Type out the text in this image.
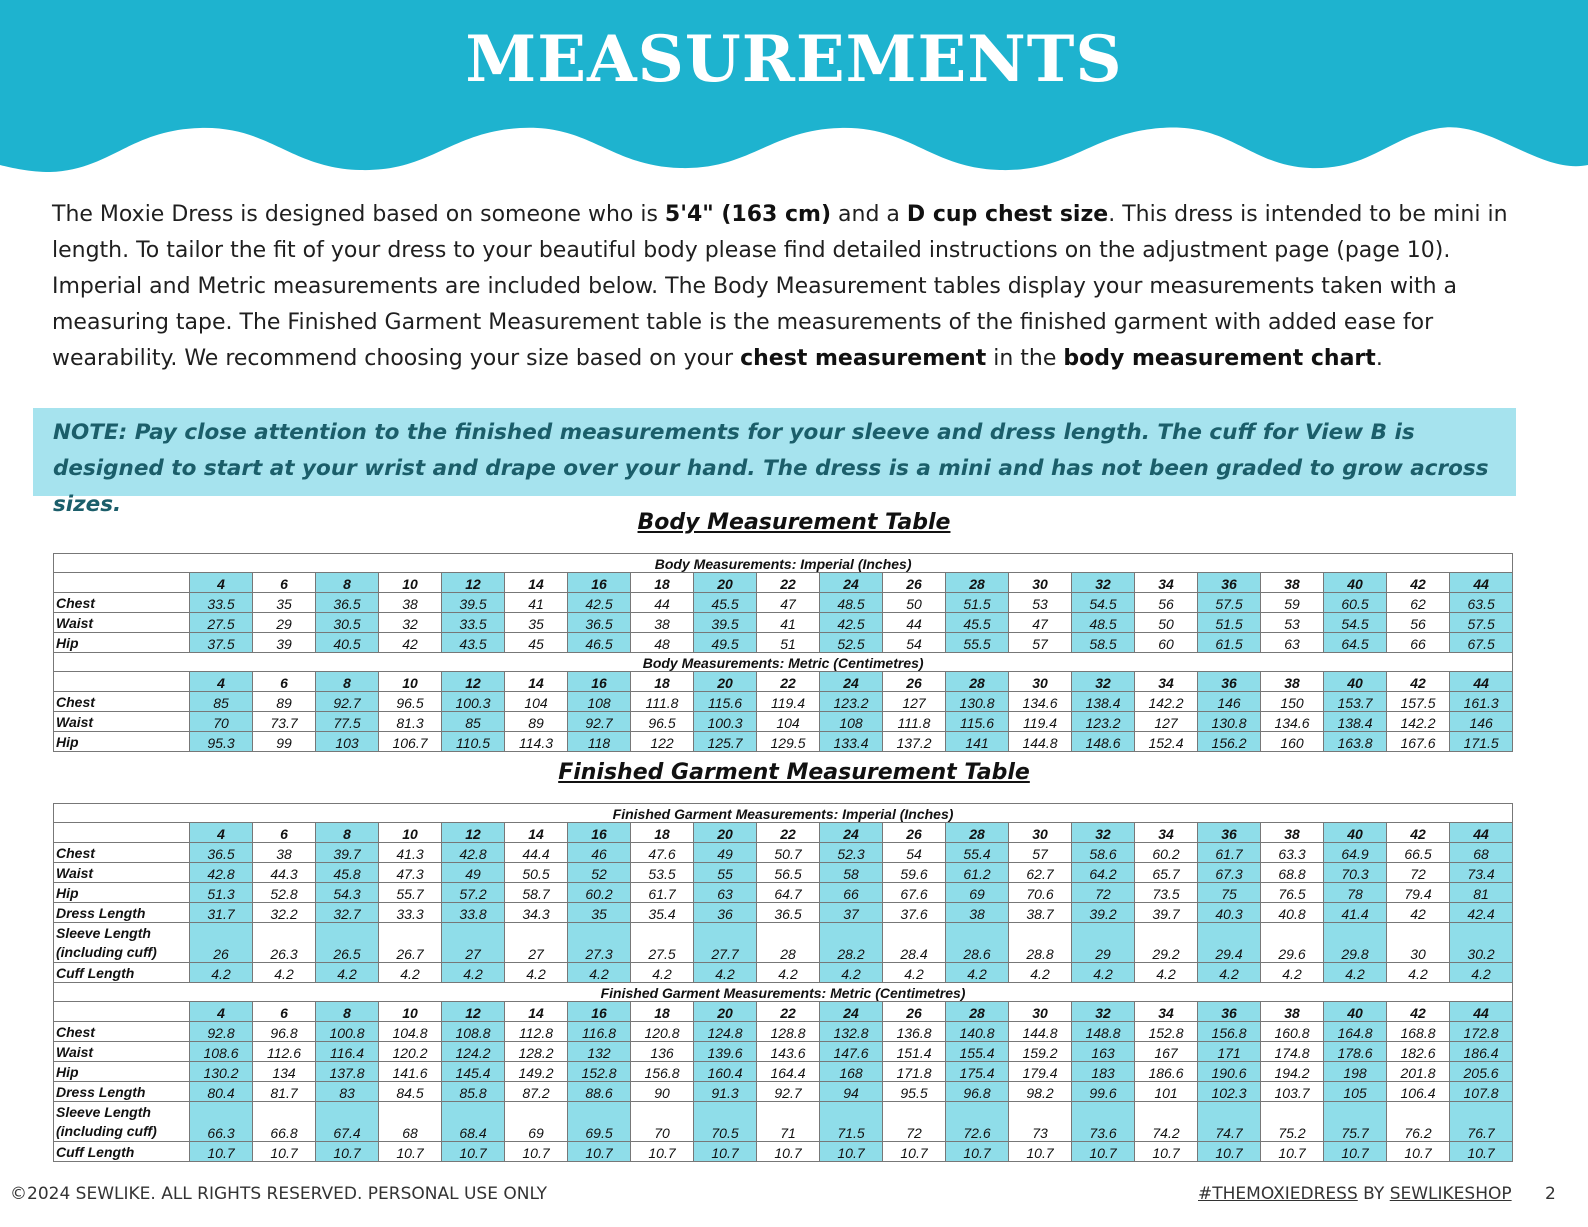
MEASUREMENTS
The Moxie Dress is designed based on someone who is 5'4" (163 cm) and a D cup chest size. This dress is intended to be mini in length. To tailor the fit of your dress to your beautiful body please find detailed instructions on the adjustment page (page 10). Imperial and Metric measurements are included below. The Body Measurement tables display your measurements taken with a measuring tape. The Finished Garment Measurement table is the measurements of the finished garment with added ease for wearability. We recommend choosing your size based on your chest measurement in the body measurement chart.
NOTE: Pay close attention to the finished measurements for your sleeve and dress length. The cuff for View B is designed to start at your wrist and drape over your hand. The dress is a mini and has not been graded to grow across sizes.
Body Measurement Table
Body Measurements: Imperial (Inches)																					
	4	6	8	10	12	14	16	18	20	22	24	26	28	30	32	34	36	38	40	42	44
Chest	33.5	35	36.5	38	39.5	41	42.5	44	45.5	47	48.5	50	51.5	53	54.5	56	57.5	59	60.5	62	63.5
Waist	27.5	29	30.5	32	33.5	35	36.5	38	39.5	41	42.5	44	45.5	47	48.5	50	51.5	53	54.5	56	57.5
Hip	37.5	39	40.5	42	43.5	45	46.5	48	49.5	51	52.5	54	55.5	57	58.5	60	61.5	63	64.5	66	67.5
Body Measurements: Metric (Centimetres)																					
	4	6	8	10	12	14	16	18	20	22	24	26	28	30	32	34	36	38	40	42	44
Chest	85	89	92.7	96.5	100.3	104	108	111.8	115.6	119.4	123.2	127	130.8	134.6	138.4	142.2	146	150	153.7	157.5	161.3
Waist	70	73.7	77.5	81.3	85	89	92.7	96.5	100.3	104	108	111.8	115.6	119.4	123.2	127	130.8	134.6	138.4	142.2	146
Hip	95.3	99	103	106.7	110.5	114.3	118	122	125.7	129.5	133.4	137.2	141	144.8	148.6	152.4	156.2	160	163.8	167.6	171.5
Finished Garment Measurement Table
Finished Garment Measurements: Imperial (Inches)																					
	4	6	8	10	12	14	16	18	20	22	24	26	28	30	32	34	36	38	40	42	44
Chest	36.5	38	39.7	41.3	42.8	44.4	46	47.6	49	50.7	52.3	54	55.4	57	58.6	60.2	61.7	63.3	64.9	66.5	68
Waist	42.8	44.3	45.8	47.3	49	50.5	52	53.5	55	56.5	58	59.6	61.2	62.7	64.2	65.7	67.3	68.8	70.3	72	73.4
Hip	51.3	52.8	54.3	55.7	57.2	58.7	60.2	61.7	63	64.7	66	67.6	69	70.6	72	73.5	75	76.5	78	79.4	81
Dress Length	31.7	32.2	32.7	33.3	33.8	34.3	35	35.4	36	36.5	37	37.6	38	38.7	39.2	39.7	40.3	40.8	41.4	42	42.4
Sleeve Length (including cuff)	26	26.3	26.5	26.7	27	27	27.3	27.5	27.7	28	28.2	28.4	28.6	28.8	29	29.2	29.4	29.6	29.8	30	30.2
Cuff Length	4.2	4.2	4.2	4.2	4.2	4.2	4.2	4.2	4.2	4.2	4.2	4.2	4.2	4.2	4.2	4.2	4.2	4.2	4.2	4.2	4.2
Finished Garment Measurements: Metric (Centimetres)																					
	4	6	8	10	12	14	16	18	20	22	24	26	28	30	32	34	36	38	40	42	44
Chest	92.8	96.8	100.8	104.8	108.8	112.8	116.8	120.8	124.8	128.8	132.8	136.8	140.8	144.8	148.8	152.8	156.8	160.8	164.8	168.8	172.8
Waist	108.6	112.6	116.4	120.2	124.2	128.2	132	136	139.6	143.6	147.6	151.4	155.4	159.2	163	167	171	174.8	178.6	182.6	186.4
Hip	130.2	134	137.8	141.6	145.4	149.2	152.8	156.8	160.4	164.4	168	171.8	175.4	179.4	183	186.6	190.6	194.2	198	201.8	205.6
Dress Length	80.4	81.7	83	84.5	85.8	87.2	88.6	90	91.3	92.7	94	95.5	96.8	98.2	99.6	101	102.3	103.7	105	106.4	107.8
Sleeve Length (including cuff)	66.3	66.8	67.4	68	68.4	69	69.5	70	70.5	71	71.5	72	72.6	73	73.6	74.2	74.7	75.2	75.7	76.2	76.7
Cuff Length	10.7	10.7	10.7	10.7	10.7	10.7	10.7	10.7	10.7	10.7	10.7	10.7	10.7	10.7	10.7	10.7	10.7	10.7	10.7	10.7	10.7
©2024 SEWLIKE. ALL RIGHTS RESERVED. PERSONAL USE ONLY	#THEMOXIEDRESS BY SEWLIKESHOP 2
